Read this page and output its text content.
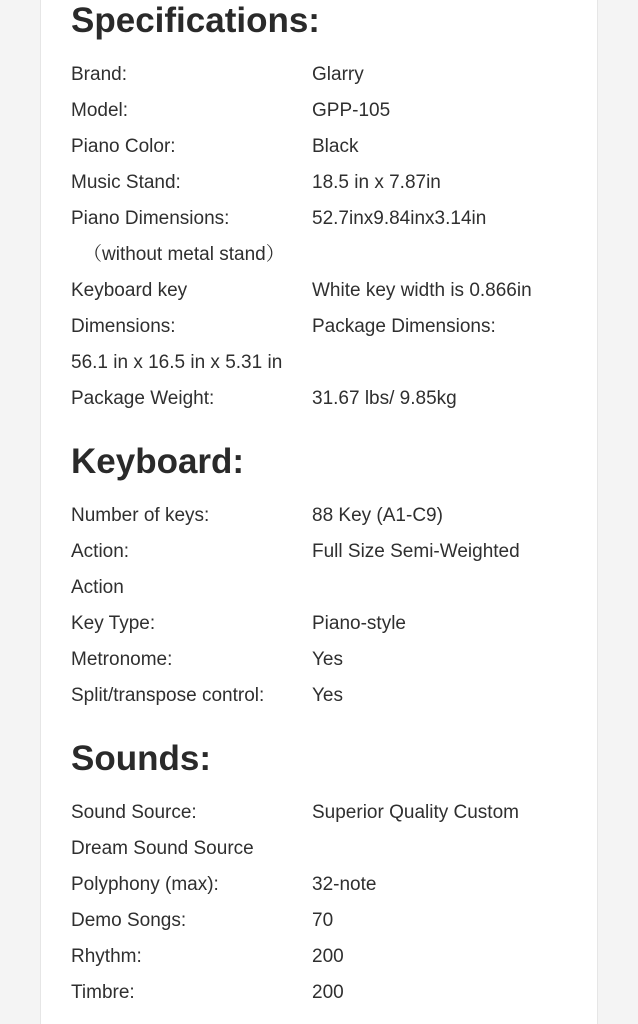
Specifications:
Brand:	Glarry
Model:	GPP-105
Piano Color:	Black
Music Stand:	18.5 in x 7.87in
Piano Dimensions:	52.7inx9.84inx3.14in
（without metal stand）
Keyboard key	White key width is 0.866in
Dimensions:	Package Dimensions:
56.1 in x 16.5 in x 5.31 in
Package Weight:	31.67 lbs/ 9.85kg
Keyboard:
Number of keys:	88 Key (A1-C9)
Action:	Full Size Semi-Weighted
Action
Key Type:	Piano-style
Metronome:	Yes
Split/transpose control:	Yes
Sounds:
Sound Source:	Superior Quality Custom
Dream Sound Source
Polyphony (max):	32-note
Demo Songs:	70
Rhythm:	200
Timbre:	200
